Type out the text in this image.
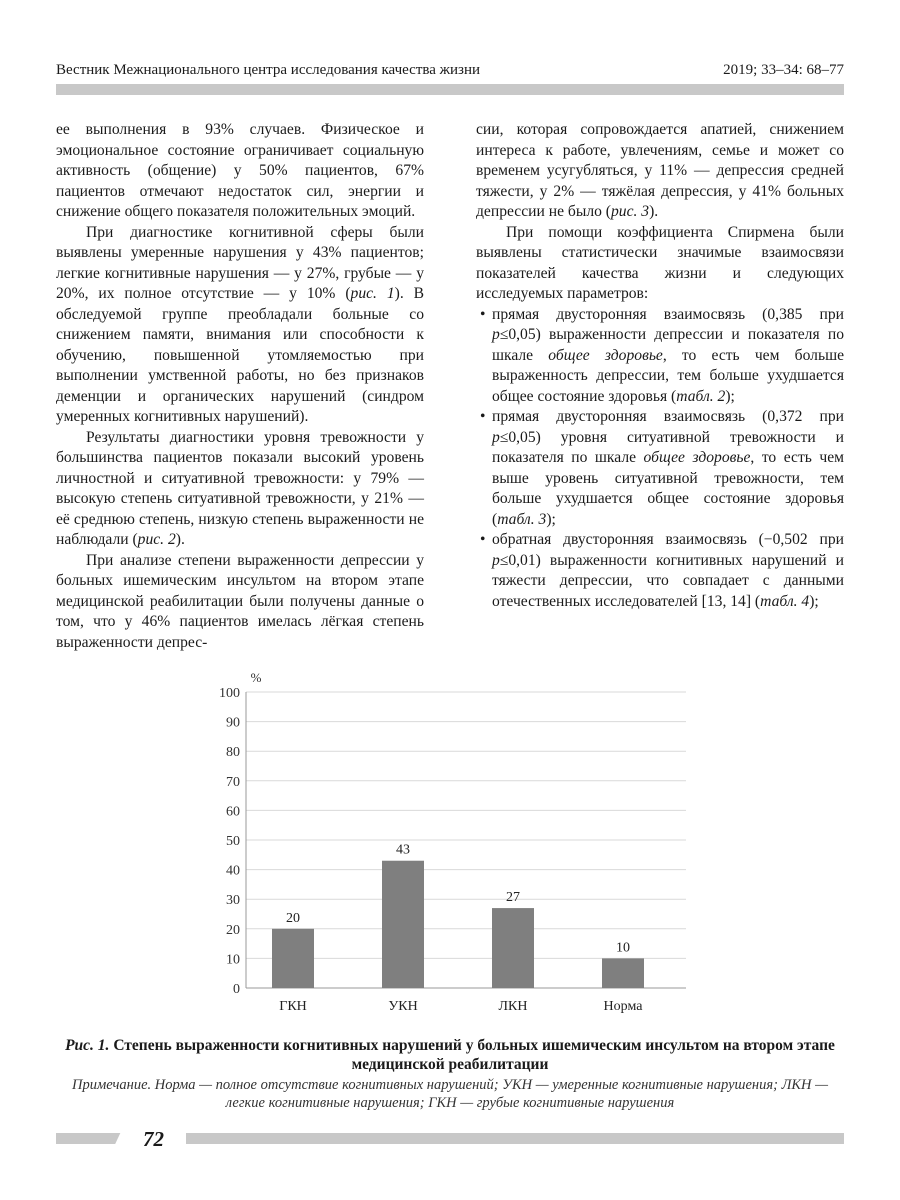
Вестник Межнационального центра исследования качества жизни	2019; 33–34: 68–77

ее выполнения в 93% случаев. Физическое и эмоциональное состояние ограничивает социальную активность (общение) у 50% пациентов, 67% пациентов отмечают недостаток сил, энергии и снижение общего показателя положительных эмоций.

При диагностике когнитивной сферы были выявлены умеренные нарушения у 43% пациентов; легкие когнитивные нарушения — у 27%, грубые — у 20%, их полное отсутствие — у 10% (рис. 1). В обследуемой группе преобладали больные со снижением памяти, внимания или способности к обучению, повышенной утомляемостью при выполнении умственной работы, но без признаков деменции и органических нарушений (синдром умеренных когнитивных нарушений).

Результаты диагностики уровня тревожности у большинства пациентов показали высокий уровень личностной и ситуативной тревожности: у 79% — высокую степень ситуативной тревожности, у 21% — её среднюю степень, низкую степень выраженности не наблюдали (рис. 2).

При анализе степени выраженности депрессии у больных ишемическим инсультом на втором этапе медицинской реабилитации были получены данные о том, что у 46% пациентов имелась лёгкая степень выраженности депрес-

сии, которая сопровождается апатией, снижением интереса к работе, увлечениям, семье и может со временем усугубляться, у 11% — депрессия средней тяжести, у 2% — тяжёлая депрессия, у 41% больных депрессии не было (рис. 3).

При помощи коэффициента Спирмена были выявлены статистически значимые взаимосвязи показателей качества жизни и следующих исследуемых параметров:

• прямая двусторонняя взаимосвязь (0,385 при p≤0,05) выраженности депрессии и показателя по шкале общее здоровье, то есть чем больше выраженность депрессии, тем больше ухудшается общее состояние здоровья (табл. 2);
• прямая двусторонняя взаимосвязь (0,372 при p≤0,05) уровня ситуативной тревожности и показателя по шкале общее здоровье, то есть чем выше уровень ситуативной тревожности, тем больше ухудшается общее состояние здоровья (табл. 3);
• обратная двусторонняя взаимосвязь (−0,502 при p≤0,01) выраженности когнитивных нарушений и тяжести депрессии, что совпадает с данными отечественных исследователей [13, 14] (табл. 4);
0
10
20
30
40
50
60
70
80
90
100
%
20
ГКН
43
УКН
27
ЛКН
10
Норма
Рис. 1. Степень выраженности когнитивных нарушений у больных ишемическим инсультом на втором этапе медицинской реабилитации
Примечание. Норма — полное отсутствие когнитивных нарушений; УКН — умеренные когнитивные нарушения; ЛКН — легкие когнитивные нарушения; ГКН — грубые когнитивные нарушения
72
